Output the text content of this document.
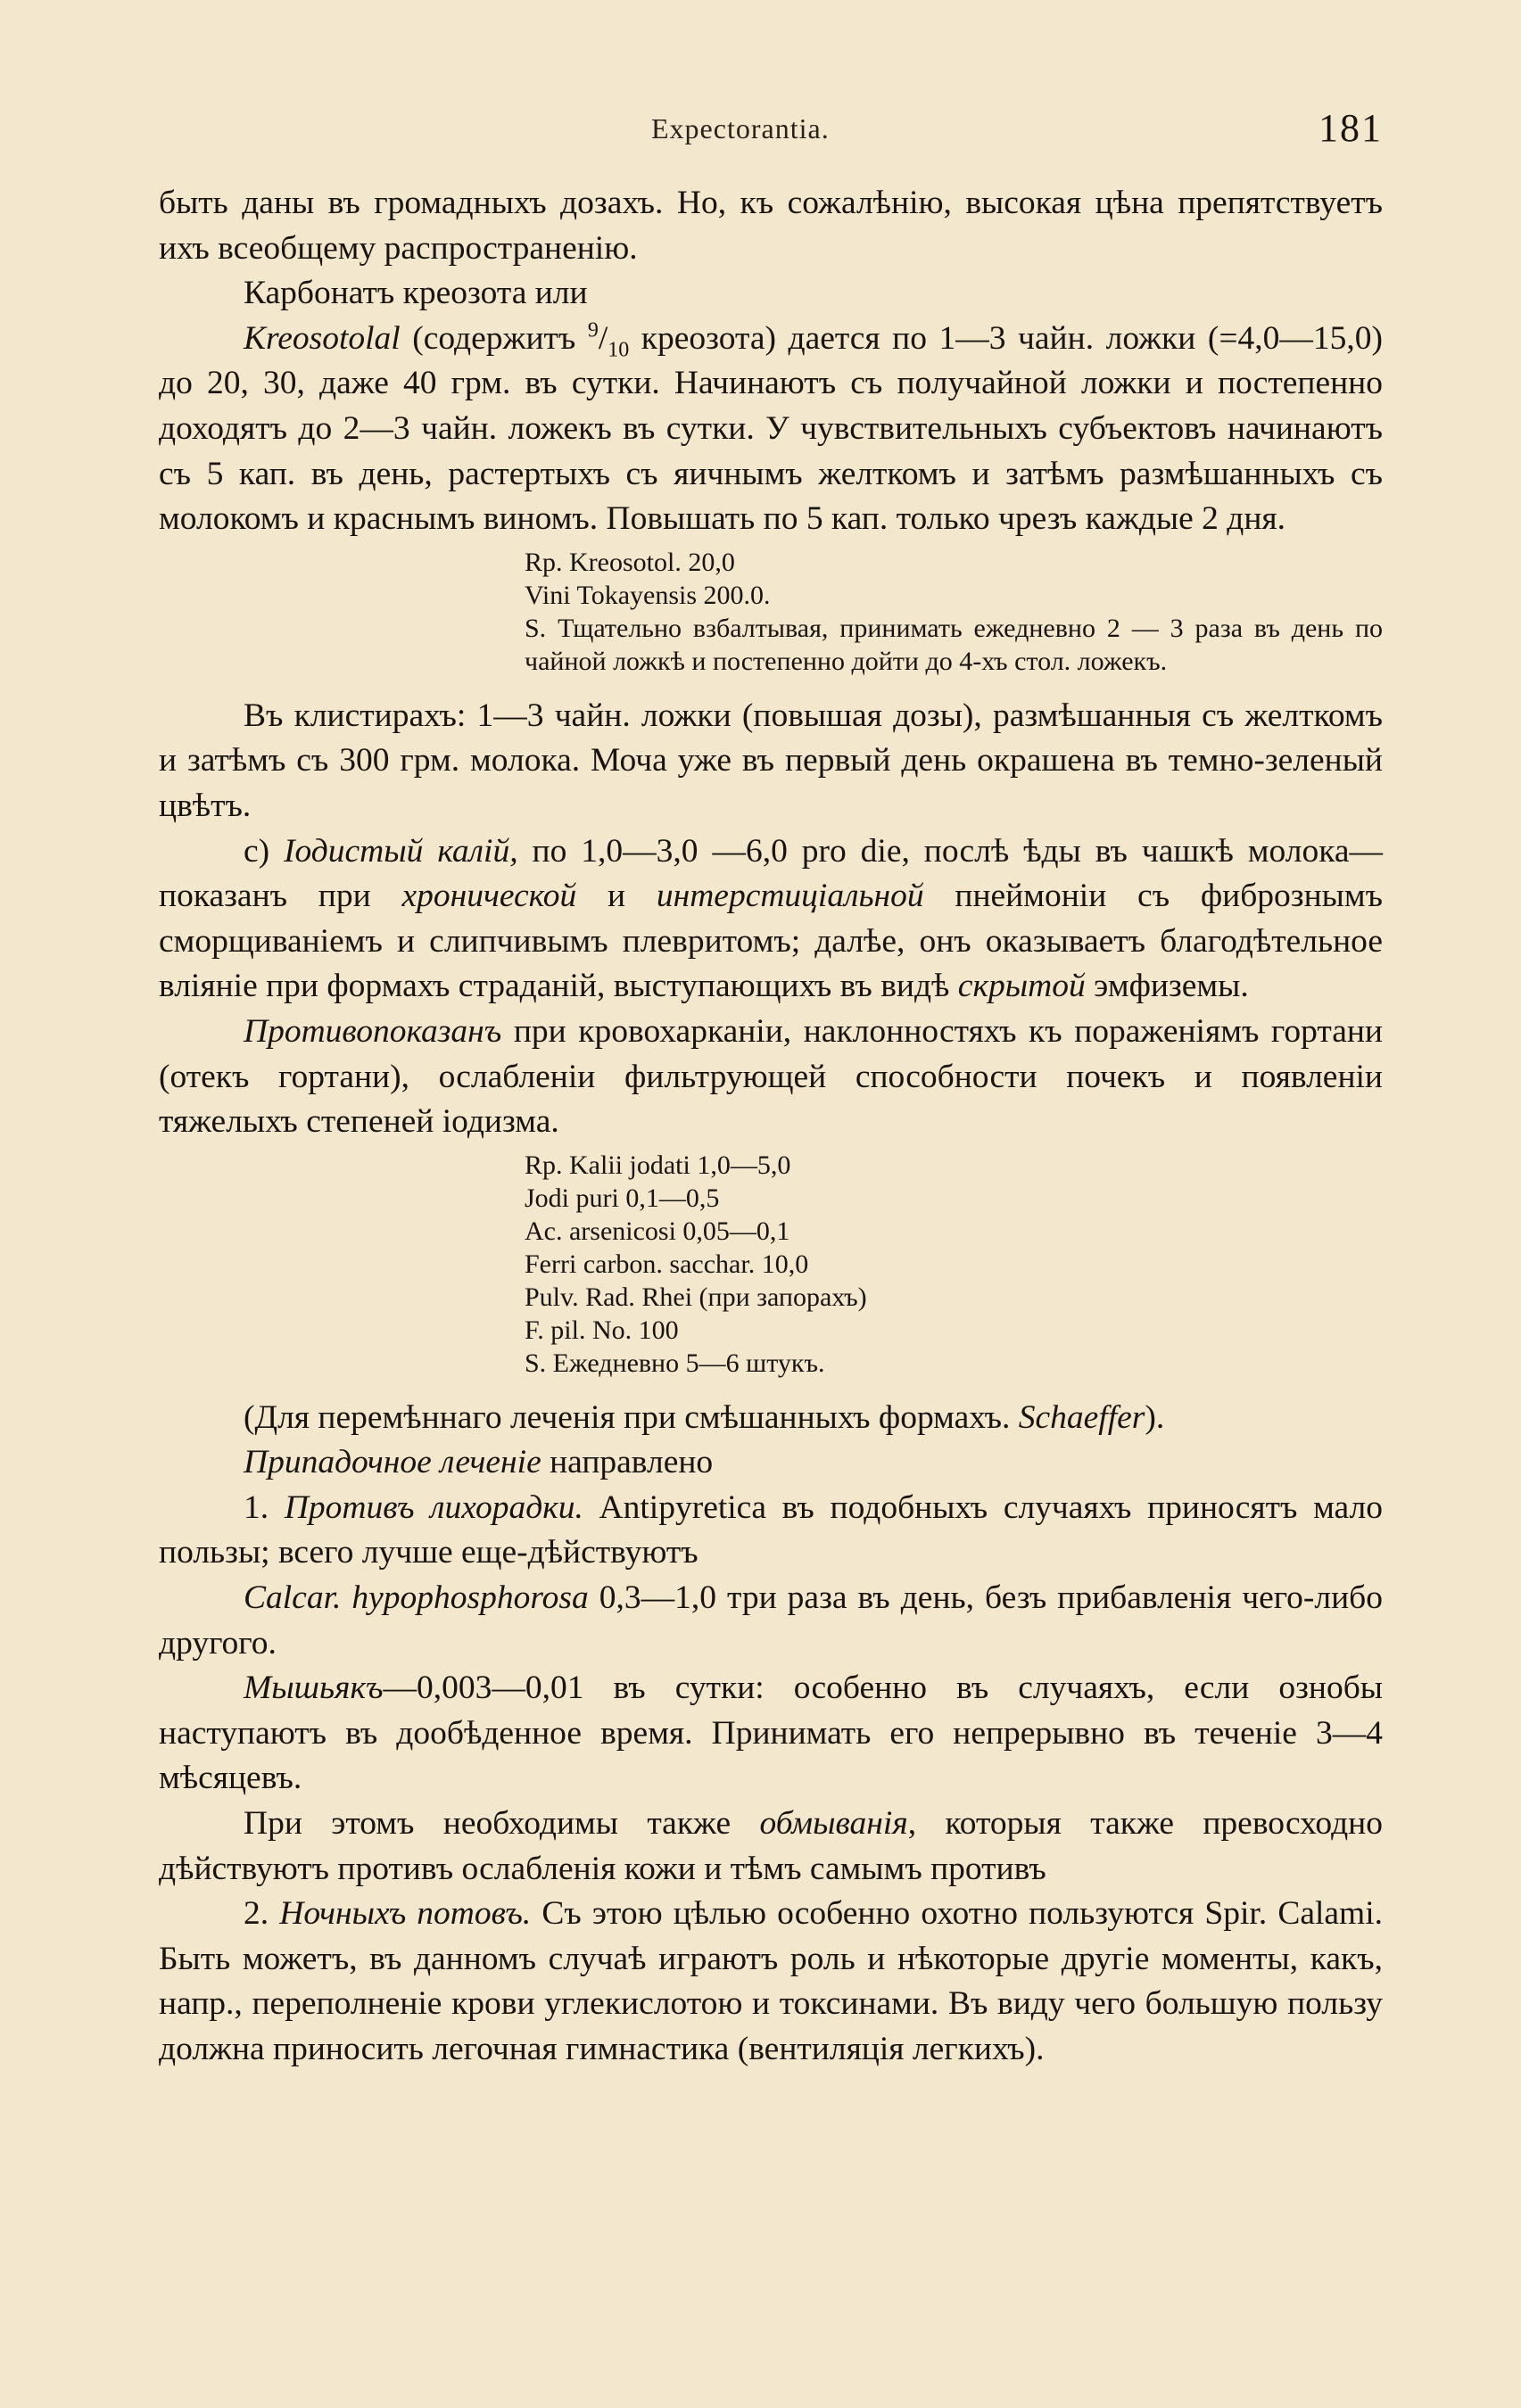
Expectorantia.	181

быть даны въ громадныхъ дозахъ. Но, къ сожалѣнію, высокая цѣна препятствуетъ ихъ всеобщему распространенію.

Карбонатъ креозота или

Kreosotolal (содержитъ $^9/_{10}$ креозота) дается по 1—3 чайн. ложки (=4,0—15,0) до 20, 30, даже 40 грм. въ сутки. Начинаютъ съ получайной ложки и постепенно доходятъ до 2—3 чайн. ложекъ въ сутки. У чувствительныхъ субъектовъ начинаютъ съ 5 кап. въ день, растертыхъ съ яичнымъ желткомъ и затѣмъ размѣшанныхъ съ молокомъ и краснымъ виномъ. Повышать по 5 кап. только чрезъ каждые 2 дня.

Rp. Kreosotol. 20,0
Vini Tokayensis 200.0.
S. Тщательно взбалтывая, принимать ежедневно 2 — 3 раза въ день по чайной ложкѣ и постепенно дойти до 4-хъ стол. ложекъ.

Въ клистирахъ: 1—3 чайн. ложки (повышая дозы), размѣшанныя съ желткомъ и затѣмъ съ 300 грм. молока. Моча уже въ первый день окрашена въ темно-зеленый цвѣтъ.

c) Іодистый калій, по 1,0—3,0 —6,0 pro die, послѣ ѣды въ чашкѣ молока—показанъ при хронической и интерстиціальной пнеймоніи съ фибрознымъ сморщиваніемъ и слипчивымъ плевритомъ; далѣе, онъ оказываетъ благодѣтельное вліяніе при формахъ страданій, выступающихъ въ видѣ скрытой эмфиземы.

Противопоказанъ при кровохарканіи, наклонностяхъ къ пораженіямъ гортани (отекъ гортани), ослабленіи фильтрующей способности почекъ и появленіи тяжелыхъ степеней іодизма.

Rp. Kalii jodati 1,0—5,0
Jodi puri 0,1—0,5
Ac. arsenicosi 0,05—0,1
Ferri carbon. sacchar. 10,0
Pulv. Rad. Rhei (при запорахъ)
F. pil. No. 100
S. Ежедневно 5—6 штукъ.

(Для перемѣннаго леченія при смѣшанныхъ формахъ. Schaeffer).

Припадочное леченіе направлено

1. Противъ лихорадки. Antipyretica въ подобныхъ случаяхъ приносятъ мало пользы; всего лучше еще-дѣйствуютъ

Calcar. hypophosphorosa 0,3—1,0 три раза въ день, безъ прибавленія чего-либо другого.

Мышьякъ—0,003—0,01 въ сутки: особенно въ случаяхъ, если ознобы наступаютъ въ дообѣденное время. Принимать его непрерывно въ теченіе 3—4 мѣсяцевъ.

При этомъ необходимы также обмыванія, которыя также превосходно дѣйствуютъ противъ ослабленія кожи и тѣмъ самымъ противъ

2. Ночныхъ потовъ. Съ этою цѣлью особенно охотно пользуются Spir. Calami. Быть можетъ, въ данномъ случаѣ играютъ роль и нѣкоторые другіе моменты, какъ, напр., переполненіе крови углекислотою и токсинами. Въ виду чего большую пользу должна приносить легочная гимнастика (вентиляція легкихъ).
